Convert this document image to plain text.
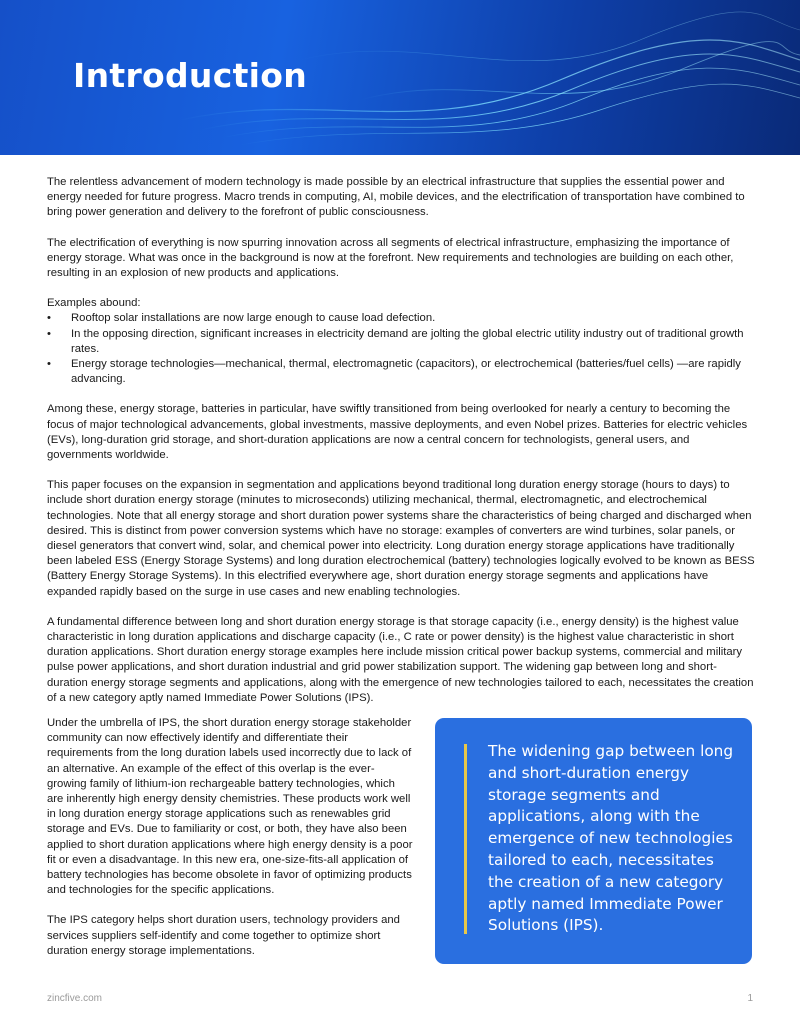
Introduction

The relentless advancement of modern technology is made possible by an electrical infrastructure that supplies the essential power and energy needed for future progress. Macro trends in computing, AI, mobile devices, and the electrification of transportation have combined to bring power generation and delivery to the forefront of public consciousness.

The electrification of everything is now spurring innovation across all segments of electrical infrastructure, emphasizing the importance of energy storage. What was once in the background is now at the forefront. New requirements and technologies are building on each other, resulting in an explosion of new products and applications.

Examples abound:

• Rooftop solar installations are now large enough to cause load defection.
• In the opposing direction, significant increases in electricity demand are jolting the global electric utility industry out of traditional growth rates.
• Energy storage technologies—mechanical, thermal, electromagnetic (capacitors), or electrochemical (batteries/fuel cells) —are rapidly advancing.

Among these, energy storage, batteries in particular, have swiftly transitioned from being overlooked for nearly a century to becoming the focus of major technological advancements, global investments, massive deployments, and even Nobel prizes. Batteries for electric vehicles (EVs), long-duration grid storage, and short-duration applications are now a central concern for technologists, general users, and governments worldwide.

This paper focuses on the expansion in segmentation and applications beyond traditional long duration energy storage (hours to days) to include short duration energy storage (minutes to microseconds) utilizing mechanical, thermal, electromagnetic, and electrochemical technologies. Note that all energy storage and short duration power systems share the characteristics of being charged and discharged when desired. This is distinct from power conversion systems which have no storage: examples of converters are wind turbines, solar panels, or diesel generators that convert wind, solar, and chemical power into electricity. Long duration energy storage applications have traditionally been labeled ESS (Energy Storage Systems) and long duration electrochemical (battery) technologies logically evolved to be known as BESS (Battery Energy Storage Systems). In this electrified everywhere age, short duration energy storage segments and applications have expanded rapidly based on the surge in use cases and new enabling technologies.

A fundamental difference between long and short duration energy storage is that storage capacity (i.e., energy density) is the highest value characteristic in long duration applications and discharge capacity (i.e., C rate or power density) is the highest value characteristic in short duration applications. Short duration energy storage examples here include mission critical power backup systems, commercial and military pulse power applications, and short duration industrial and grid power stabilization support. The widening gap between long and short-duration energy storage segments and applications, along with the emergence of new technologies tailored to each, necessitates the creation of a new category aptly named Immediate Power Solutions (IPS).

Under the umbrella of IPS, the short duration energy storage stakeholder community can now effectively identify and differentiate their requirements from the long duration labels used incorrectly due to lack of an alternative. An example of the effect of this overlap is the ever-growing family of lithium-ion rechargeable battery technologies, which are inherently high energy density chemistries. These products work well in long duration energy storage applications such as renewables grid storage and EVs. Due to familiarity or cost, or both, they have also been applied to short duration applications where high energy density is a poor fit or even a disadvantage. In this new era, one-size-fits-all application of battery technologies has become obsolete in favor of optimizing products and technologies for the specific applications.

The IPS category helps short duration users, technology providers and services suppliers self-identify and come together to optimize short duration energy storage implementations.

The widening gap between long and short-duration energy storage segments and applications, along with the emergence of new technologies tailored to each, necessitates the creation of a new category aptly named Immediate Power Solutions (IPS).
zincfive.com	1
